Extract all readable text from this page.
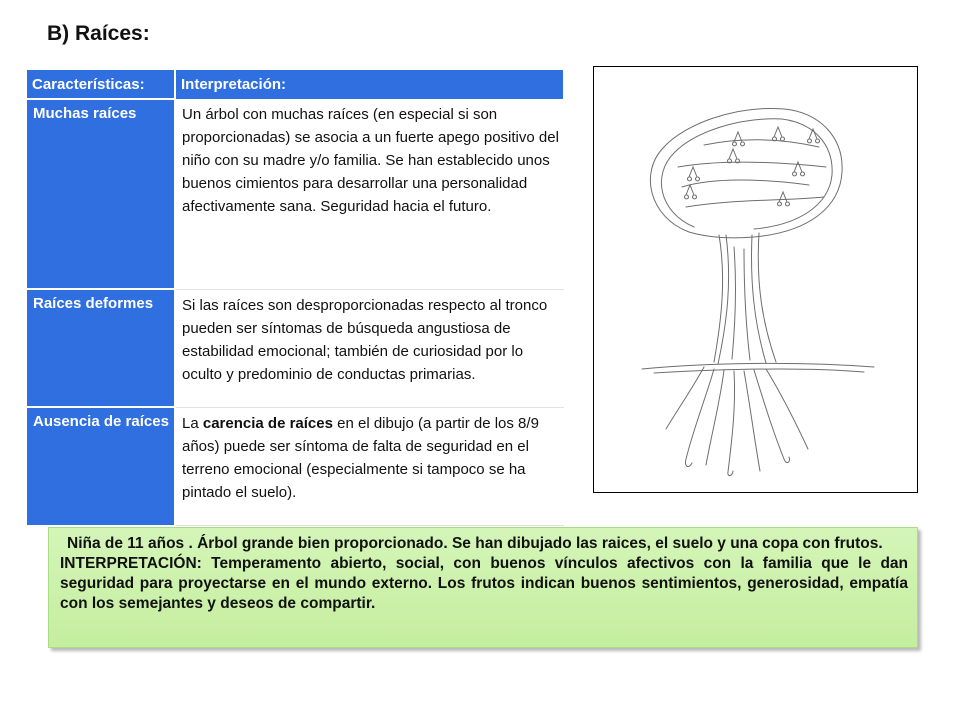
B) Raíces:
Características:	Interpretación:
Muchas raíces	Un árbol con muchas raíces (en especial si son proporcionadas) se asocia a un fuerte apego positivo del niño con su madre y/o familia. Se han establecido unos buenos cimientos para desarrollar una personalidad afectivamente sana. Seguridad hacia el futuro.
Raíces deformes	Si las raíces son desproporcionadas respecto al tronco pueden ser síntomas de búsqueda angustiosa de estabilidad emocional; también de curiosidad por lo oculto y predominio de conductas primarias.
Ausencia de raíces	La carencia de raíces en el dibujo (a partir de los 8/9 años) puede ser síntoma de falta de seguridad en el terreno emocional (especialmente si tampoco se ha pintado el suelo).

Niña de 11 años . Árbol grande bien proporcionado. Se han dibujado las raices, el suelo y una copa con frutos.

INTERPRETACIÓN: Temperamento abierto, social, con buenos vínculos afectivos con la familia que le dan seguridad para proyectarse en el mundo externo. Los frutos indican buenos sentimientos, generosidad, empatía con los semejantes y deseos de compartir.
